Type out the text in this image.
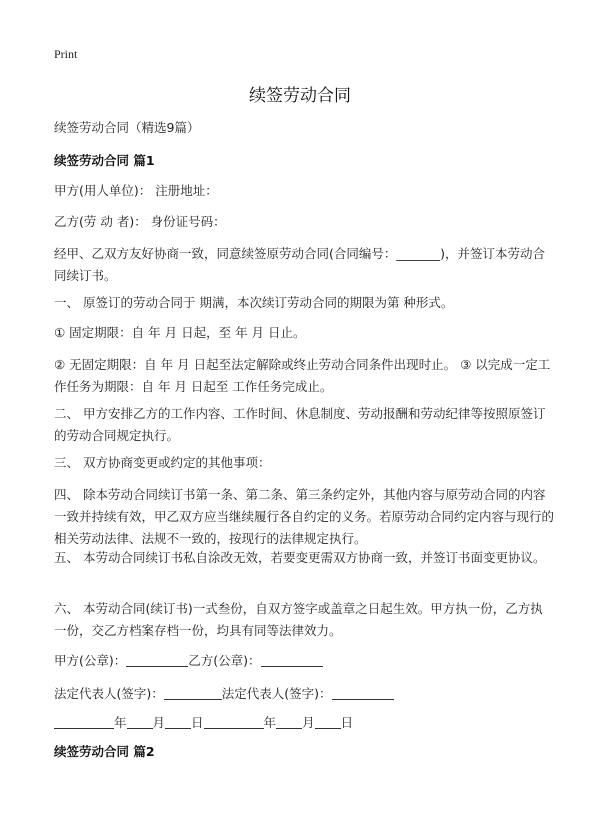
Print
续签劳动合同

续签劳动合同（精选9篇）

续签劳动合同 篇1

甲方(用人单位)： 注册地址：

乙方(劳 动 者)： 身份证号码：

经甲、乙双方友好协商一致，同意续签原劳动合同(合同编号：_______)，并签订本劳动合同续订书。

一、 原签订的劳动合同于 期满，本次续订劳动合同的期限为第 种形式。

① 固定期限：自 年 月 日起，至 年 月 日止。

② 无固定期限：自 年 月 日起至法定解除或终止劳动合同条件出现时止。 ③ 以完成一定工作任务为期限：自 年 月 日起至 工作任务完成止。

二、 甲方安排乙方的工作内容、工作时间、休息制度、劳动报酬和劳动纪律等按照原签订的劳动合同规定执行。

三、 双方协商变更或约定的其他事项：

四、 除本劳动合同续订书第一条、第二条、第三条约定外，其他内容与原劳动合同的内容一致并持续有效，甲乙双方应当继续履行各自约定的义务。若原劳动合同约定内容与现行的相关劳动法律、法规不一致的，按现行的法律规定执行。

五、 本劳动合同续订书私自涂改无效，若要变更需双方协商一致，并签订书面变更协议。

六、 本劳动合同(续订书)一式叁份，自双方签字或盖章之日起生效。甲方执一份，乙方执一份，交乙方档案存档一份，均具有同等法律效力。

甲方(公章)：	乙方(公章)：

法定代表人(签字)：	法定代表人(签字)：

年 月 日	年 月 日

续签劳动合同 篇2
